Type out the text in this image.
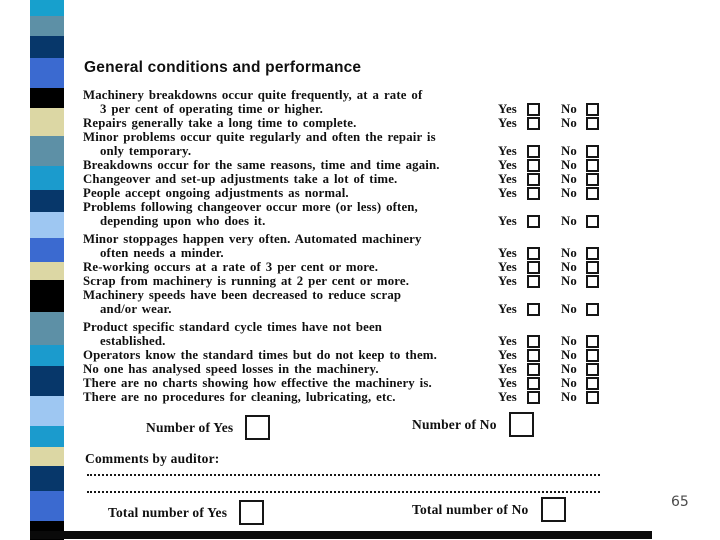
General conditions and performance
Machinery breakdowns occur quite frequently, at a rate of
3 per cent of operating time or higher.	Yes	No
Repairs generally take a long time to complete.	Yes	No
Minor problems occur quite regularly and often the repair is
only temporary.	Yes	No
Breakdowns occur for the same reasons, time and time again.	Yes	No
Changeover and set-up adjustments take a lot of time.	Yes	No
People accept ongoing adjustments as normal.	Yes	No
Problems following changeover occur more (or less) often,
depending upon who does it.	Yes	No
Minor stoppages happen very often. Automated machinery
often needs a minder.	Yes	No
Re-working occurs at a rate of 3 per cent or more.	Yes	No
Scrap from machinery is running at 2 per cent or more.	Yes	No
Machinery speeds have been decreased to reduce scrap
and/or wear.	Yes	No
Product specific standard cycle times have not been
established.	Yes	No
Operators know the standard times but do not keep to them.	Yes	No
No one has analysed speed losses in the machinery.	Yes	No
There are no charts showing how effective the machinery is.	Yes	No
There are no procedures for cleaning, lubricating, etc.	Yes	No
Number of Yes	Number of No
Comments by auditor:
Total number of Yes	Total number of No	65
